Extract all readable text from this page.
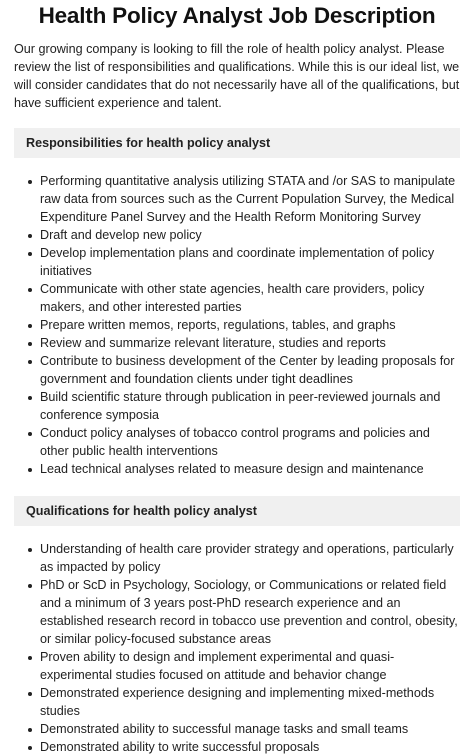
Health Policy Analyst Job Description

Our growing company is looking to fill the role of health policy analyst. Please review the list of responsibilities and qualifications. While this is our ideal list, we will consider candidates that do not necessarily have all of the qualifications, but have sufficient experience and talent.

Responsibilities for health policy analyst
Performing quantitative analysis utilizing STATA and /or SAS to manipulate raw data from sources such as the Current Population Survey, the Medical Expenditure Panel Survey and the Health Reform Monitoring Survey
Draft and develop new policy
Develop implementation plans and coordinate implementation of policy initiatives
Communicate with other state agencies, health care providers, policy makers, and other interested parties
Prepare written memos, reports, regulations, tables, and graphs
Review and summarize relevant literature, studies and reports
Contribute to business development of the Center by leading proposals for government and foundation clients under tight deadlines
Build scientific stature through publication in peer-reviewed journals and conference symposia
Conduct policy analyses of tobacco control programs and policies and other public health interventions
Lead technical analyses related to measure design and maintenance
Qualifications for health policy analyst
Understanding of health care provider strategy and operations, particularly as impacted by policy
PhD or ScD in Psychology, Sociology, or Communications or related field and a minimum of 3 years post-PhD research experience and an established research record in tobacco use prevention and control, obesity, or similar policy-focused substance areas
Proven ability to design and implement experimental and quasi-experimental studies focused on attitude and behavior change
Demonstrated experience designing and implementing mixed-methods studies
Demonstrated ability to successful manage tasks and small teams
Demonstrated ability to write successful proposals
